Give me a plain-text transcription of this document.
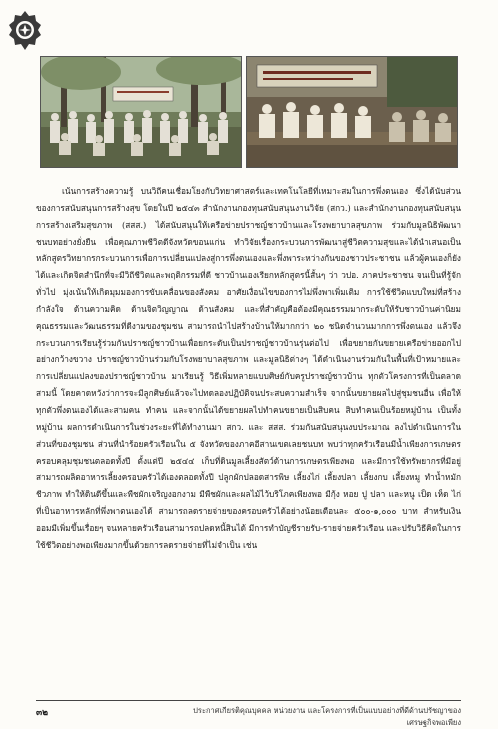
เน้นการสร้างความรู้ บนวิถีคนเชื่อมโยงกับวิทยาศาสตร์และเทคโนโลยีที่เหมาะสมในการพึ่งตนเอง ซึ่งได้นับส่วนของการสนับสนุนการสร้างสุข โดยในปี ๒๕๔๓ สำนักงานกองทุนสนับสนุนงานวิจัย (สกว.) และสำนักงานกองทุนสนับสนุนการสร้างเสริมสุขภาพ (สสส.) ได้สนับสนุนให้เครือข่ายปราชญ์ชาวบ้านและโรงพยาบาลสุขภาพ ร่วมกับมูลนิธิพัฒนาชนบทอย่างยั่งยืน เพื่อคุณภาพชีวิตดีจังหวัดขอนแก่น ทำวิจัยเรื่องกระบวนการพัฒนาสู่ชีวิตความสุขและได้นำเสนอเป็นหลักสูตรวิทยากรกระบวนการเพื่อการเปลี่ยนแปลงสู่การพึ่งตนเองและพึ่งพาระหว่างกันของชาวประชาชน แล้วผู้คนเองก็ยังได้และเกิดจิตสำนึกที่จะมีวิถีชีวิตและพฤติกรรมที่ดี ชาวบ้านเองเรียกหลักสูตรนี้สั้นๆ ว่า วปอ. ภาคประชาชน จนเป็นที่รู้จักทั่วไป มุ่งเน้นให้เกิดมุมมองการขับเคลื่อนของสังคม อาศัยเงื่อนไขของการไม่พึ่งพาเพิ่มเติม การใช้ชีวิตแบบใหม่ที่สร้างกำลังใจ ด้านความคิด ด้านจิตวิญญาณ ด้านสังคม และที่สำคัญคือต้องมีคุณธรรมมากระดับให้รับชาวบ้านค่านิยมคุณธรรมและวัฒนธรรมที่ดีงามของชุมชน สามารถนำไปสร้างบ้านให้มากกว่า ๒๐ ชนิดจำนวนมากการพึ่งตนเอง แล้วจึงกระบวนการเรียนรู้ร่วมกันปราชญ์ชาวบ้านเพื่อยกระดับเป็นปราชญ์ชาวบ้านรุ่นต่อไป เพื่อขยายกันขยายเครือข่ายออกไปอย่างกว้างขวาง ปราชญ์ชาวบ้านร่วมกับโรงพยาบาลสุขภาพ และมูลนิธิต่างๆ ได้ดำเนินงานร่วมกันในพื้นที่เป้าหมายและการเปลี่ยนแปลงของปราชญ์ชาวบ้าน มาเรียนรู้ วิธีเพิ่มหลายแบบศิษย์กับครูปราชญ์ชาวบ้าน ทุกตัวโครงการที่เป็นตลาดสามนี้ โดยคาดหวังว่าการจะมีลูกศิษย์แล้วจะไปทดลองปฏิบัติจนประสบความสำเร็จ จากนั้นขยายผลไปสู่ชุมชนอื่น เพื่อให้ทุกตัวพึ่งตนเองได้และสามคน ทำคน และจากนั้นได้ขยายผลไปทำคนขยายเป็นสิบคน สิบทำคนเป็นร้อยหมู่บ้าน เป็นทั้งหมู่บ้าน ผลการดำเนินการในช่วงระยะที่ได้ทำงานมา สกว. และ สสส. ร่วมกันสนับสนุนงบประมาณ ลงไปดำเนินการในส่วนที่ของชุมชน ส่วนที่นำร้อยครัวเรือนใน ๕ จังหวัดของภาคอีสานเขตเลยชนบท พบว่าทุกครัวเรือนมีน้ำเพียงการเกษตรครอบคลุมชุมชนตลอดทั้งปี ตั้งแต่ปี ๒๕๔๔ เก็บที่ดินมูลเลี้ยงสัตว์ด้านการเกษตรเพียงพอ และมีการใช้ทรัพยากรที่มีอยู่ สามารถผลิตอาหารเลี้ยงครอบครัวได้เองตลอดทั้งปี ปลูกผักปลอดสารพิษ เลี้ยงไก่ เลี้ยงปลา เลี้ยงกบ เลี้ยงหมู ทำน้ำหมักชีวภาพ ทำให้ดินดีขึ้นและพืชผักเจริญงอกงาม มีพืชผักและผลไม้ไว้บริโภคเพียงพอ มีกุ้ง หอย ปู ปลา และหนู เป็ด เห็ด ไก่ ที่เป็นอาหารหลักที่พึ่งพาตนเองได้ สามารถลดรายจ่ายของครอบครัวได้อย่างน้อยเดือนละ ๕๐๐-๑,๐๐๐ บาท สำหรับเงินออมมีเพิ่มขึ้นเรื่อยๆ จนหลายครัวเรือนสามารถปลดหนี้สินได้ มีการทำบัญชีรายรับ-รายจ่ายครัวเรือน และปรับวิธีคิดในการใช้ชีวิตอย่างพอเพียงมากขึ้นด้วยการลดรายจ่ายที่ไม่จำเป็น เช่น

๓๒	ประกาศเกียรติคุณบุคคล หน่วยงาน และโครงการที่เป็นแบบอย่างที่ดีด้านปรัชญาของเศรษฐกิจพอเพียง
